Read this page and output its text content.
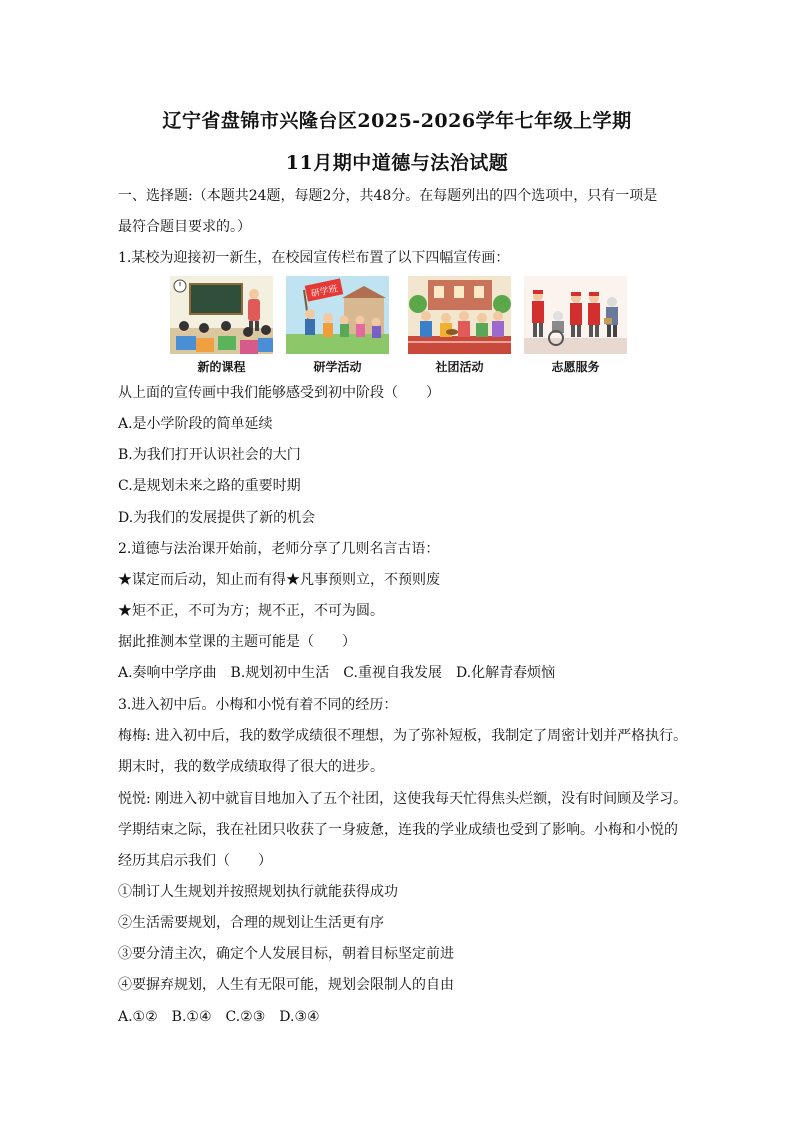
辽宁省盘锦市兴隆台区2025-2026学年七年级上学期
11月期中道德与法治试题
一、选择题:（本题共24题，每题2分，共48分。在每题列出的四个选项中，只有一项是
最符合题目要求的。）
1.某校为迎接初一新生，在校园宣传栏布置了以下四幅宣传画：
新的课程
研学班
研学活动	社团活动	志愿服务
从上面的宣传画中我们能够感受到初中阶段（　　）
A.是小学阶段的简单延续
B.为我们打开认识社会的大门
C.是规划未来之路的重要时期
D.为我们的发展提供了新的机会
2.道德与法治课开始前，老师分享了几则名言古语：
★谋定而后动，知止而有得★凡事预则立，不预则废
★矩不正，不可为方；规不正，不可为圆。
据此推测本堂课的主题可能是（　　）
A.奏响中学序曲　B.规划初中生活　C.重视自我发展　D.化解青春烦恼
3.进入初中后。小梅和小悦有着不同的经历：
梅梅: 进入初中后，我的数学成绩很不理想，为了弥补短板，我制定了周密计划并严格执行。
期末时，我的数学成绩取得了很大的进步。
悦悦: 刚进入初中就盲目地加入了五个社团，这使我每天忙得焦头烂额，没有时间顾及学习。
学期结束之际，我在社团只收获了一身疲惫，连我的学业成绩也受到了影响。小梅和小悦的
经历其启示我们（　　）
①制订人生规划并按照规划执行就能获得成功
②生活需要规划，合理的规划让生活更有序
③要分清主次，确定个人发展目标，朝着目标坚定前进
④要摒弃规划，人生有无限可能，规划会限制人的自由
A.①②　B.①④　C.②③　D.③④
